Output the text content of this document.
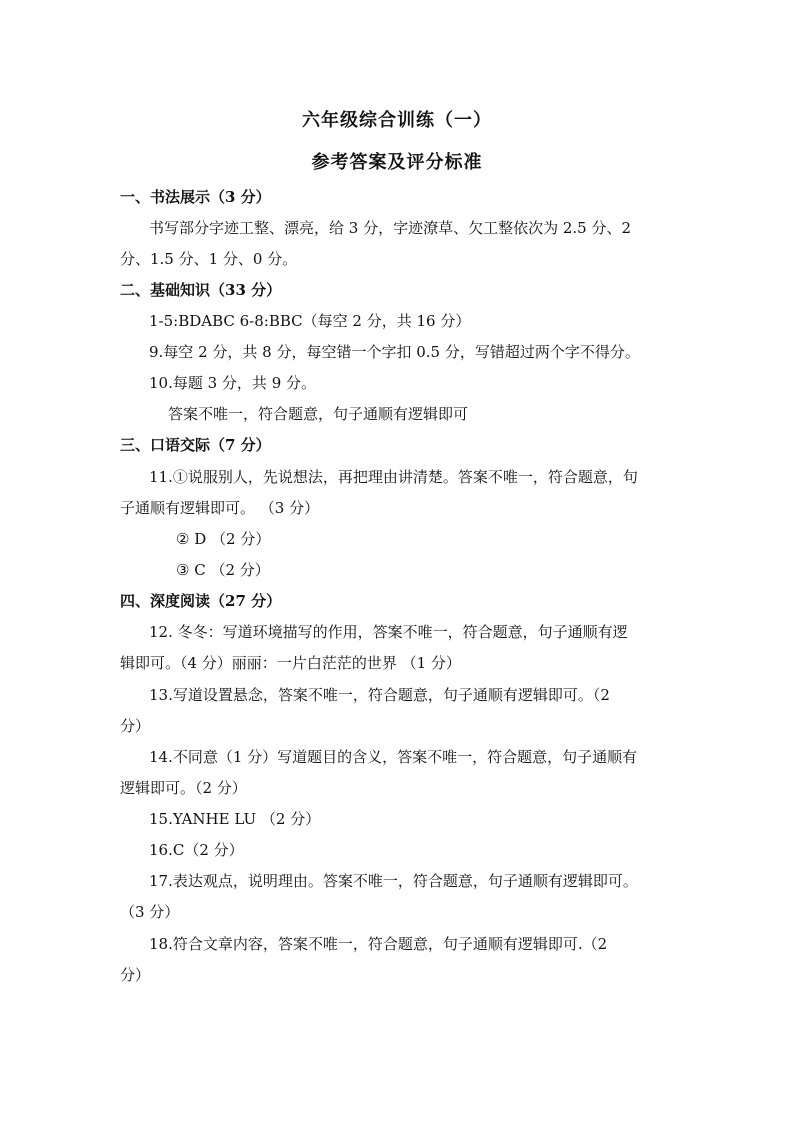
六年级综合训练（一）
参考答案及评分标准
一、书法展示（3 分）
书写部分字迹工整、漂亮，给 3 分，字迹潦草、欠工整依次为 2.5 分、2
分、1.5 分、1 分、0 分。
二、基础知识（33 分）
1-5:BDABC 6-8:BBC（每空 2 分，共 16 分）
9.每空 2 分，共 8 分，每空错一个字扣 0.5 分，写错超过两个字不得分。
10.每题 3 分，共 9 分。
答案不唯一，符合题意，句子通顺有逻辑即可
三、口语交际（7 分）
11.①说服别人，先说想法，再把理由讲清楚。答案不唯一，符合题意，句
子通顺有逻辑即可。 （3 分）
② D （2 分）
③ C （2 分）
四、深度阅读（27 分）
12. 冬冬：写道环境描写的作用，答案不唯一，符合题意，句子通顺有逻
辑即可。（4 分）丽丽：一片白茫茫的世界 （1 分）
13.写道设置悬念，答案不唯一，符合题意，句子通顺有逻辑即可。（2
分）
14.不同意（1 分）写道题目的含义，答案不唯一，符合题意，句子通顺有
逻辑即可。（2 分）
15.YANHE LU （2 分）
16.C（2 分）
17.表达观点，说明理由。答案不唯一，符合题意，句子通顺有逻辑即可。
（3 分）
18.符合文章内容，答案不唯一，符合题意，句子通顺有逻辑即可.（2
分）
